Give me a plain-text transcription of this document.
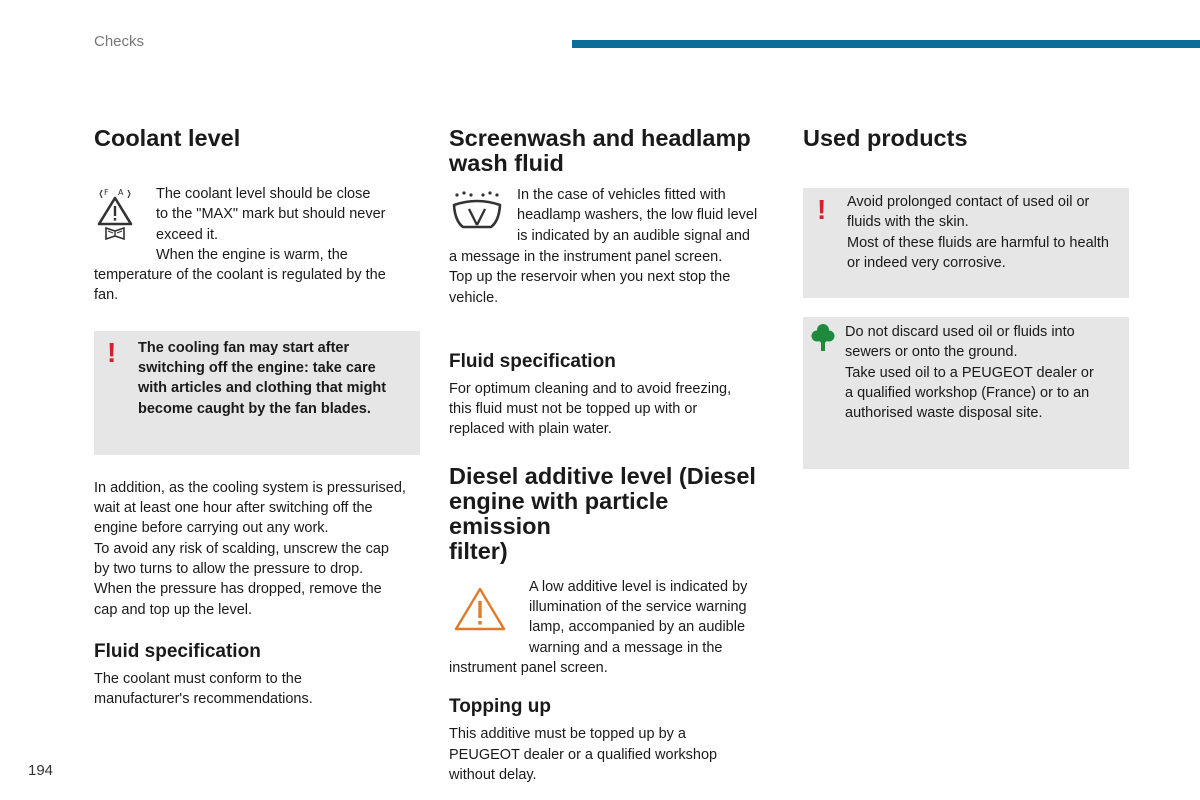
Checks
Coolant level
F A	The coolant level should be close
to the "MAX" mark but should never
exceed it.
When the engine is warm, the

temperature of the coolant is regulated by the
fan.

! The cooling fan may start after
switching off the engine: take care
with articles and clothing that might
become caught by the fan blades.

In addition, as the cooling system is pressurised,
wait at least one hour after switching off the
engine before carrying out any work.
To avoid any risk of scalding, unscrew the cap
by two turns to allow the pressure to drop.
When the pressure has dropped, remove the
cap and top up the level.

Fluid specification

The coolant must conform to the
manufacturer's recommendations.

Screenwash and headlamp
wash fluid

In the case of vehicles fitted with
headlamp washers, the low fluid level
is indicated by an audible signal and

a message in the instrument panel screen.
Top up the reservoir when you next stop the
vehicle.

Fluid specification

For optimum cleaning and to avoid freezing,
this fluid must not be topped up with or
replaced with plain water.

Diesel additive level (Diesel
engine with particle emission
filter)

A low additive level is indicated by
illumination of the service warning
lamp, accompanied by an audible
warning and a message in the
instrument panel screen.

Topping up

This additive must be topped up by a
PEUGEOT dealer or a qualified workshop
without delay.

Used products
! Avoid prolonged contact of used oil or
fluids with the skin.
Most of these fluids are harmful to health
or indeed very corrosive.

Do not discard used oil or fluids into
sewers or onto the ground.
Take used oil to a PEUGEOT dealer or
a qualified workshop (France) or to an
authorised waste disposal site.

194
